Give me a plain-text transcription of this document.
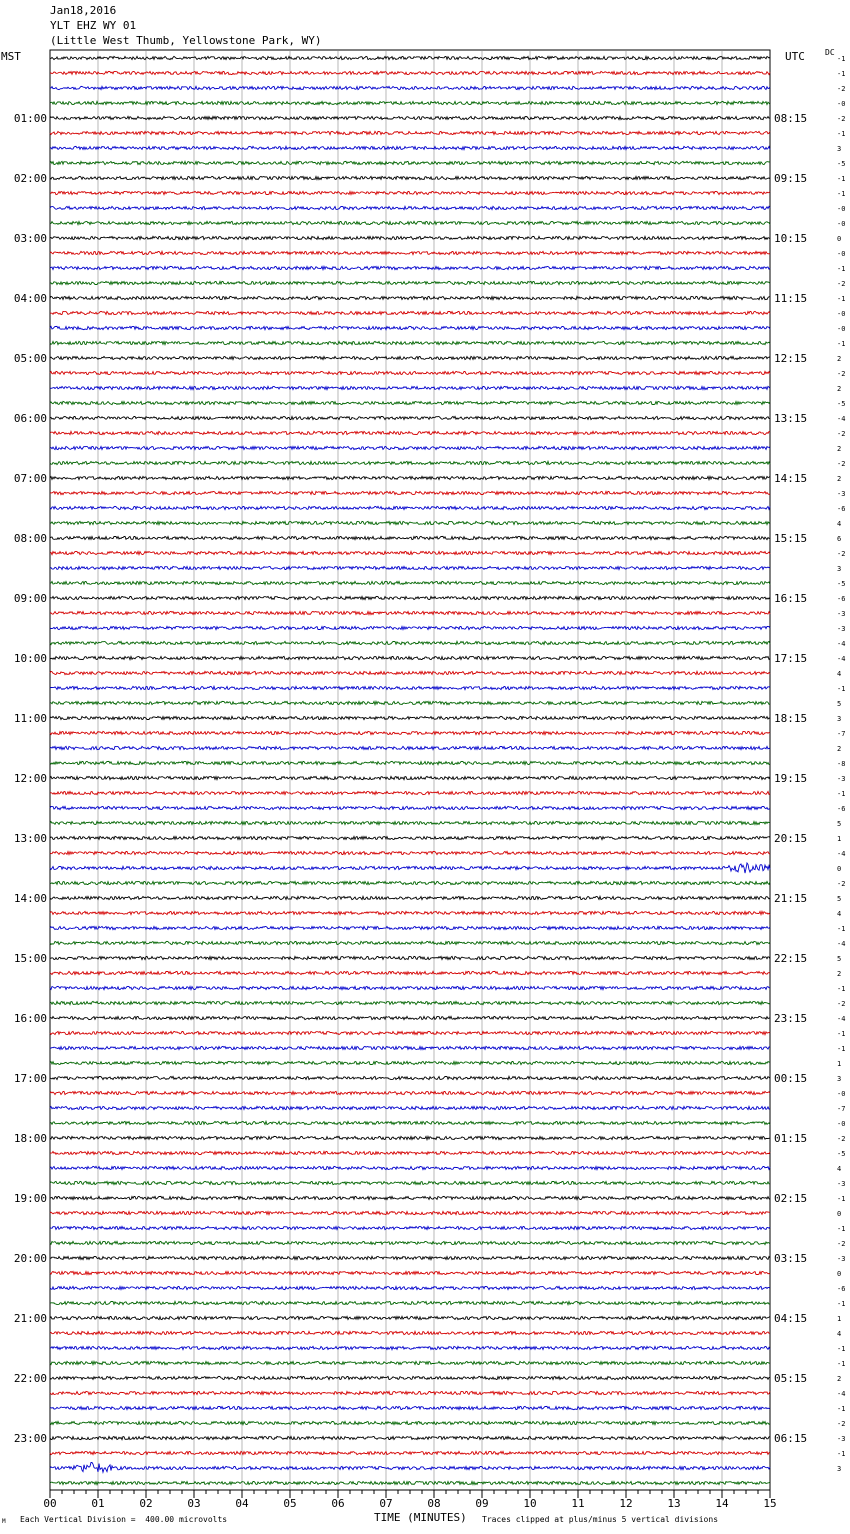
Jan18,2016
YLT EHZ WY 01
(Little West Thumb, Yellowstone Park, WY)
MST	UTC	DC
-1
-1
-2
-0
-2
-1
3
-5
-1
-1
-0
-0
0
-0
-1
-2
-1
-0
-0
-1
2
-2
2
-5
-4
-2
2
-2
2
-3
-6
4
6
-2
3
-5
-6
-3
-3
-4
-4
4
-1
5
3
-7
2
-8
-3
-1
-6
5
1
-4
0
-2
5
4
-1
-4
5
2
-1
-2
-4
-1
-1
1
3
-0
-7
-0
-2
-5
4
-3
-1
0
-1
-2
-3
0
-6
-1
1
4
-1
-1
2
-4
-1
-2
-3
-1
3
01:00
02:00
03:00
04:00
05:00
06:00
07:00
08:00
09:00
10:00
11:00
12:00
13:00
14:00
15:00
16:00
17:00
18:00
19:00
20:00
21:00
22:00
23:00
08:15
09:15
10:15
11:15
12:15
13:15
14:15
15:15
16:15
17:15
18:15
19:15
20:15
21:15
22:15
23:15
00:15
01:15
02:15
03:15
04:15
05:15
06:15
00	01	02	03	04	05	06	07	08	09	10	11	12	13	14	15
M Each Vertical Division =  400.00 microvolts	TIME (MINUTES) Traces clipped at plus/minus 5 vertical divisions
